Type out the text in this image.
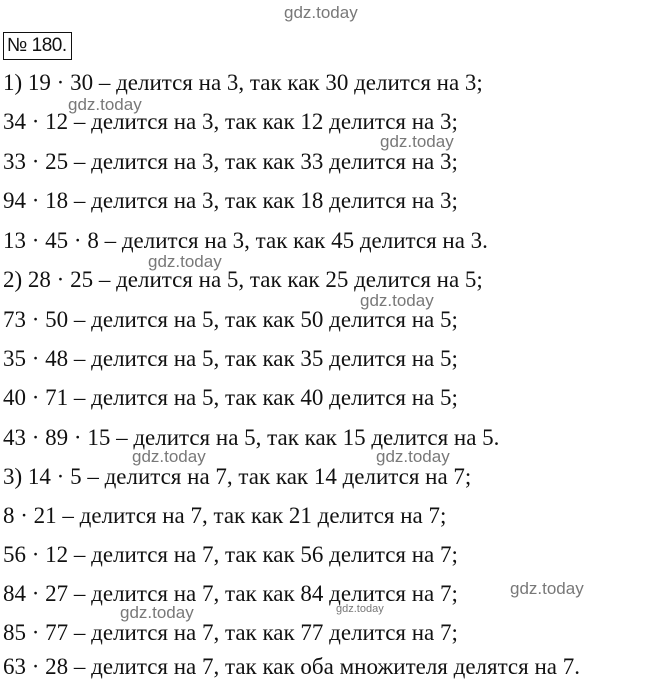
gdz.today
gdz.today
gdz.today
gdz.today
gdz.today
gdz.today	gdz.today
gdz.today
gdz.today	gdz.today
№ 180.
1) 19 · 30 – делится на 3, так как 30 делится на 3;
34 · 12 – делится на 3, так как 12 делится на 3;
33 · 25 – делится на 3, так как 33 делится на 3;
94 · 18 – делится на 3, так как 18 делится на 3;
13 · 45 · 8 – делится на 3, так как 45 делится на 3.
2) 28 · 25 – делится на 5, так как 25 делится на 5;
73 · 50 – делится на 5, так как 50 делится на 5;
35 · 48 – делится на 5, так как 35 делится на 5;
40 · 71 – делится на 5, так как 40 делится на 5;
43 · 89 · 15 – делится на 5, так как 15 делится на 5.
3) 14 · 5 – делится на 7, так как 14 делится на 7;
8 · 21 – делится на 7, так как 21 делится на 7;
56 · 12 – делится на 7, так как 56 делится на 7;
84 · 27 – делится на 7, так как 84 делится на 7;
85 · 77 – делится на 7, так как 77 делится на 7;
63 · 28 – делится на 7, так как оба множителя делятся на 7.
